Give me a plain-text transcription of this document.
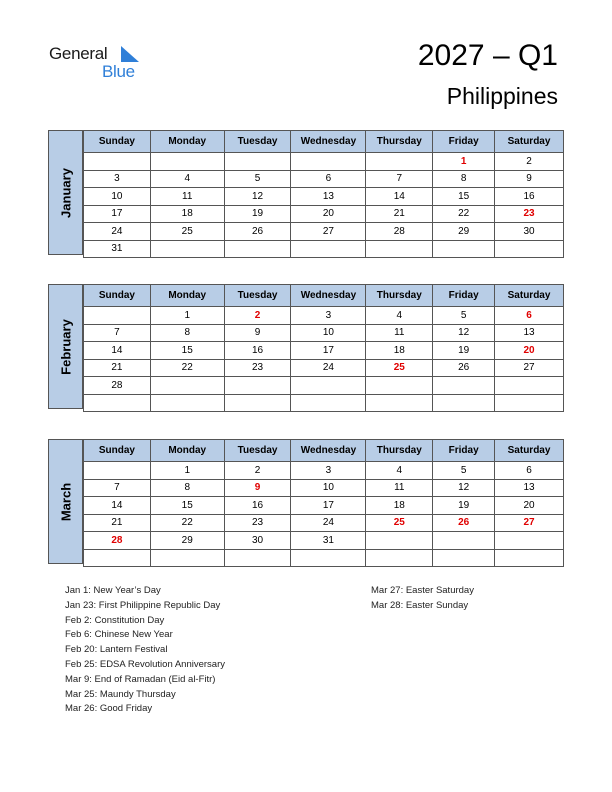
General
Blue	2027 – Q1
Philippines
January
Sunday	Monday	Tuesday	Wednesday	Thursday	Friday	Saturday
					1	2
3	4	5	6	7	8	9
10	11	12	13	14	15	16
17	18	19	20	21	22	23
24	25	26	27	28	29	30
31						
February
Sunday	Monday	Tuesday	Wednesday	Thursday	Friday	Saturday
	1	2	3	4	5	6
7	8	9	10	11	12	13
14	15	16	17	18	19	20
21	22	23	24	25	26	27
28						

March
Sunday	Monday	Tuesday	Wednesday	Thursday	Friday	Saturday
	1	2	3	4	5	6
7	8	9	10	11	12	13
14	15	16	17	18	19	20
21	22	23	24	25	26	27
28	29	30	31			

Jan 1: New Year’s Day
Jan 23: First Philippine Republic Day
Feb 2: Constitution Day
Feb 6: Chinese New Year
Feb 20: Lantern Festival
Feb 25: EDSA Revolution Anniversary
Mar 9: End of Ramadan (Eid al-Fitr)
Mar 25: Maundy Thursday
Mar 26: Good Friday
Mar 27: Easter Saturday
Mar 28: Easter Sunday
